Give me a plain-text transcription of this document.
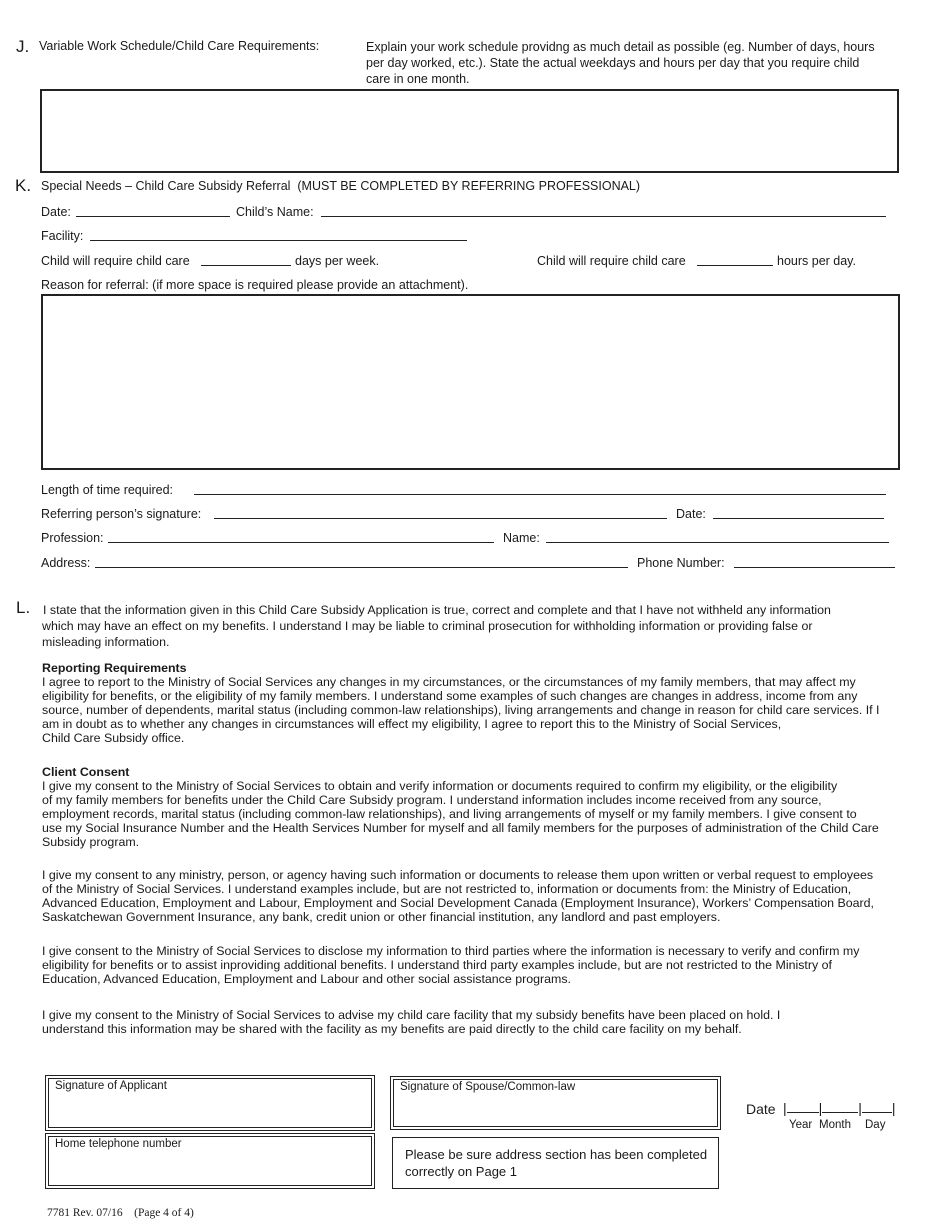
J. Variable Work Schedule/Child Care Requirements:	Explain your work schedule providng as much detail as possible (eg. Number of days, hours
per day worked, etc.). State the actual weekdays and hours per day that you require child
care in one month.
K. Special Needs – Child Care Subsidy Referral (MUST BE COMPLETED BY REFERRING PROFESSIONAL)
Date:	Child’s Name:
Facility:
Child will require child care	days per week.	Child will require child care	hours per day.
Reason for referral: (if more space is required please provide an attachment).
Length of time required:
Referring person’s signature:	Date:
Profession:	Name:
Address:	Phone Number:
L. I state that the information given in this Child Care Subsidy Application is true, correct and complete and that I have not withheld any information
which may have an effect on my benefits. I understand I may be liable to criminal prosecution for withholding information or providing false or
misleading information.
Reporting Requirements
I agree to report to the Ministry of Social Services any changes in my circumstances, or the circumstances of my family members, that may affect my
eligibility for benefits, or the eligibility of my family members. I understand some examples of such changes are changes in address, income from any
source, number of dependents, marital status (including common-law relationships), living arrangements and change in reason for child care services. If I
am in doubt as to whether any changes in circumstances will effect my eligibility, I agree to report this to the Ministry of Social Services,
Child Care Subsidy office.
Client Consent
I give my consent to the Ministry of Social Services to obtain and verify information or documents required to confirm my eligibility, or the eligibility
of my family members for benefits under the Child Care Subsidy program. I understand information includes income received from any source,
employment records, marital status (including common-law relationships), and living arrangements of myself or my family members. I give consent to
use my Social Insurance Number and the Health Services Number for myself and all family members for the purposes of administration of the Child Care
Subsidy program.
I give my consent to any ministry, person, or agency having such information or documents to release them upon written or verbal request to employees
of the Ministry of Social Services. I understand examples include, but are not restricted to, information or documents from: the Ministry of Education,
Advanced Education, Employment and Labour, Employment and Social Development Canada (Employment Insurance), Workers’ Compensation Board,
Saskatchewan Government Insurance, any bank, credit union or other financial institution, any landlord and past employers.
I give consent to the Ministry of Social Services to disclose my information to third parties where the information is necessary to verify and confirm my
eligibility for benefits or to assist inproviding additional benefits. I understand third party examples include, but are not restricted to the Ministry of
Education, Advanced Education, Employment and Labour and other social assistance programs.
I give my consent to the Ministry of Social Services to advise my child care facility that my subsidy benefits have been placed on hold. I
understand this information may be shared with the facility as my benefits are paid directly to the child care facility on my behalf.
Signature of Applicant	Signature of Spouse/Common-law
Home telephone number
Please be sure address section has been completed
correctly on Page 1
Date | |	| |
Year Month Day
7781 Rev. 07/16 (Page 4 of 4)
